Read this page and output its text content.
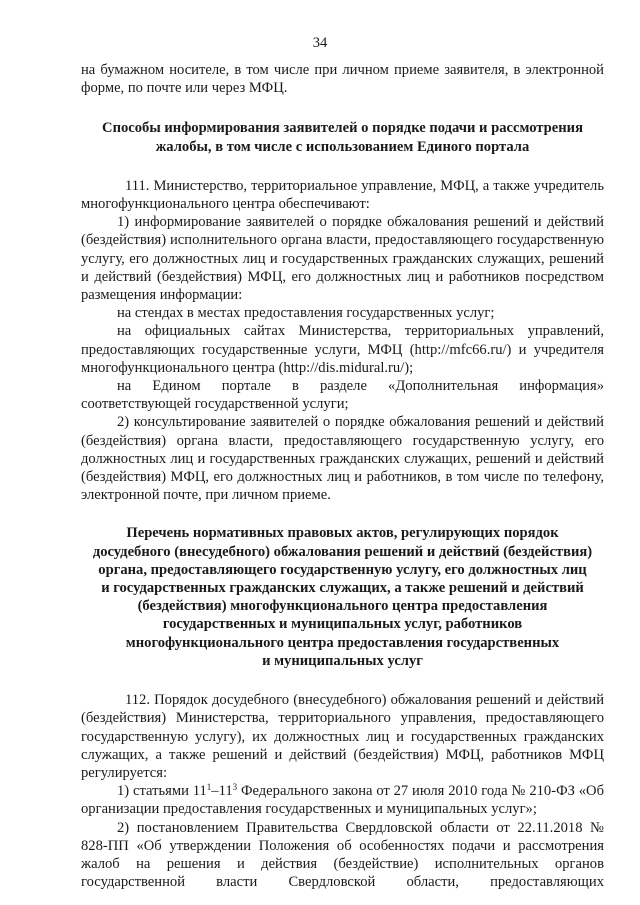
34

на бумажном носителе, в том числе при личном приеме заявителя, в электронной

форме, по почте или через МФЦ.

Способы информирования заявителей о порядке подачи и рассмотрения
жалобы, в том числе с использованием Единого портала

111. Министерство, территориальное управление, МФЦ, а также учредитель многофункционального центра обеспечивают:

1) информирование заявителей о порядке обжалования решений и действий (бездействия) исполнительного органа власти, предоставляющего государственную услугу, его должностных лиц и государственных гражданских служащих, решений и действий (бездействия) МФЦ, его должностных лиц и работников посредством размещения информации:

на стендах в местах предоставления государственных услуг;

на официальных сайтах Министерства, территориальных управлений, предоставляющих государственные услуги, МФЦ (http://mfc66.ru/) и учредителя многофункционального центра (http://dis.midural.ru/);

на Едином портале в разделе «Дополнительная информация» соответствующей государственной услуги;

2) консультирование заявителей о порядке обжалования решений и действий (бездействия) органа власти, предоставляющего государственную услугу, его должностных лиц и государственных гражданских служащих, решений и действий (бездействия) МФЦ, его должностных лиц и работников, в том числе по телефону, электронной почте, при личном приеме.

Перечень нормативных правовых актов, регулирующих порядок
досудебного (внесудебного) обжалования решений и действий (бездействия)
органа, предоставляющего государственную услугу, его должностных лиц
и государственных гражданских служащих, а также решений и действий
(бездействия) многофункционального центра предоставления
государственных и муниципальных услуг, работников
многофункционального центра предоставления государственных
и муниципальных услуг

112. Порядок досудебного (внесудебного) обжалования решений и действий (бездействия) Министерства, территориального управления, предоставляющего государственную услугу), их должностных лиц и государственных гражданских служащих, а также решений и действий (бездействия) МФЦ, работников МФЦ регулируется:

1) статьями $11^1-11^3$ Федерального закона от 27 июля 2010 года № 210-ФЗ «Об организации предоставления государственных и муниципальных услуг»;

2) постановлением Правительства Свердловской области от 22.11.2018 № 828-ПП «Об утверждении Положения об особенностях подачи и рассмотрения жалоб на решения и действия (бездействие) исполнительных органов государственной власти Свердловской области, предоставляющих
